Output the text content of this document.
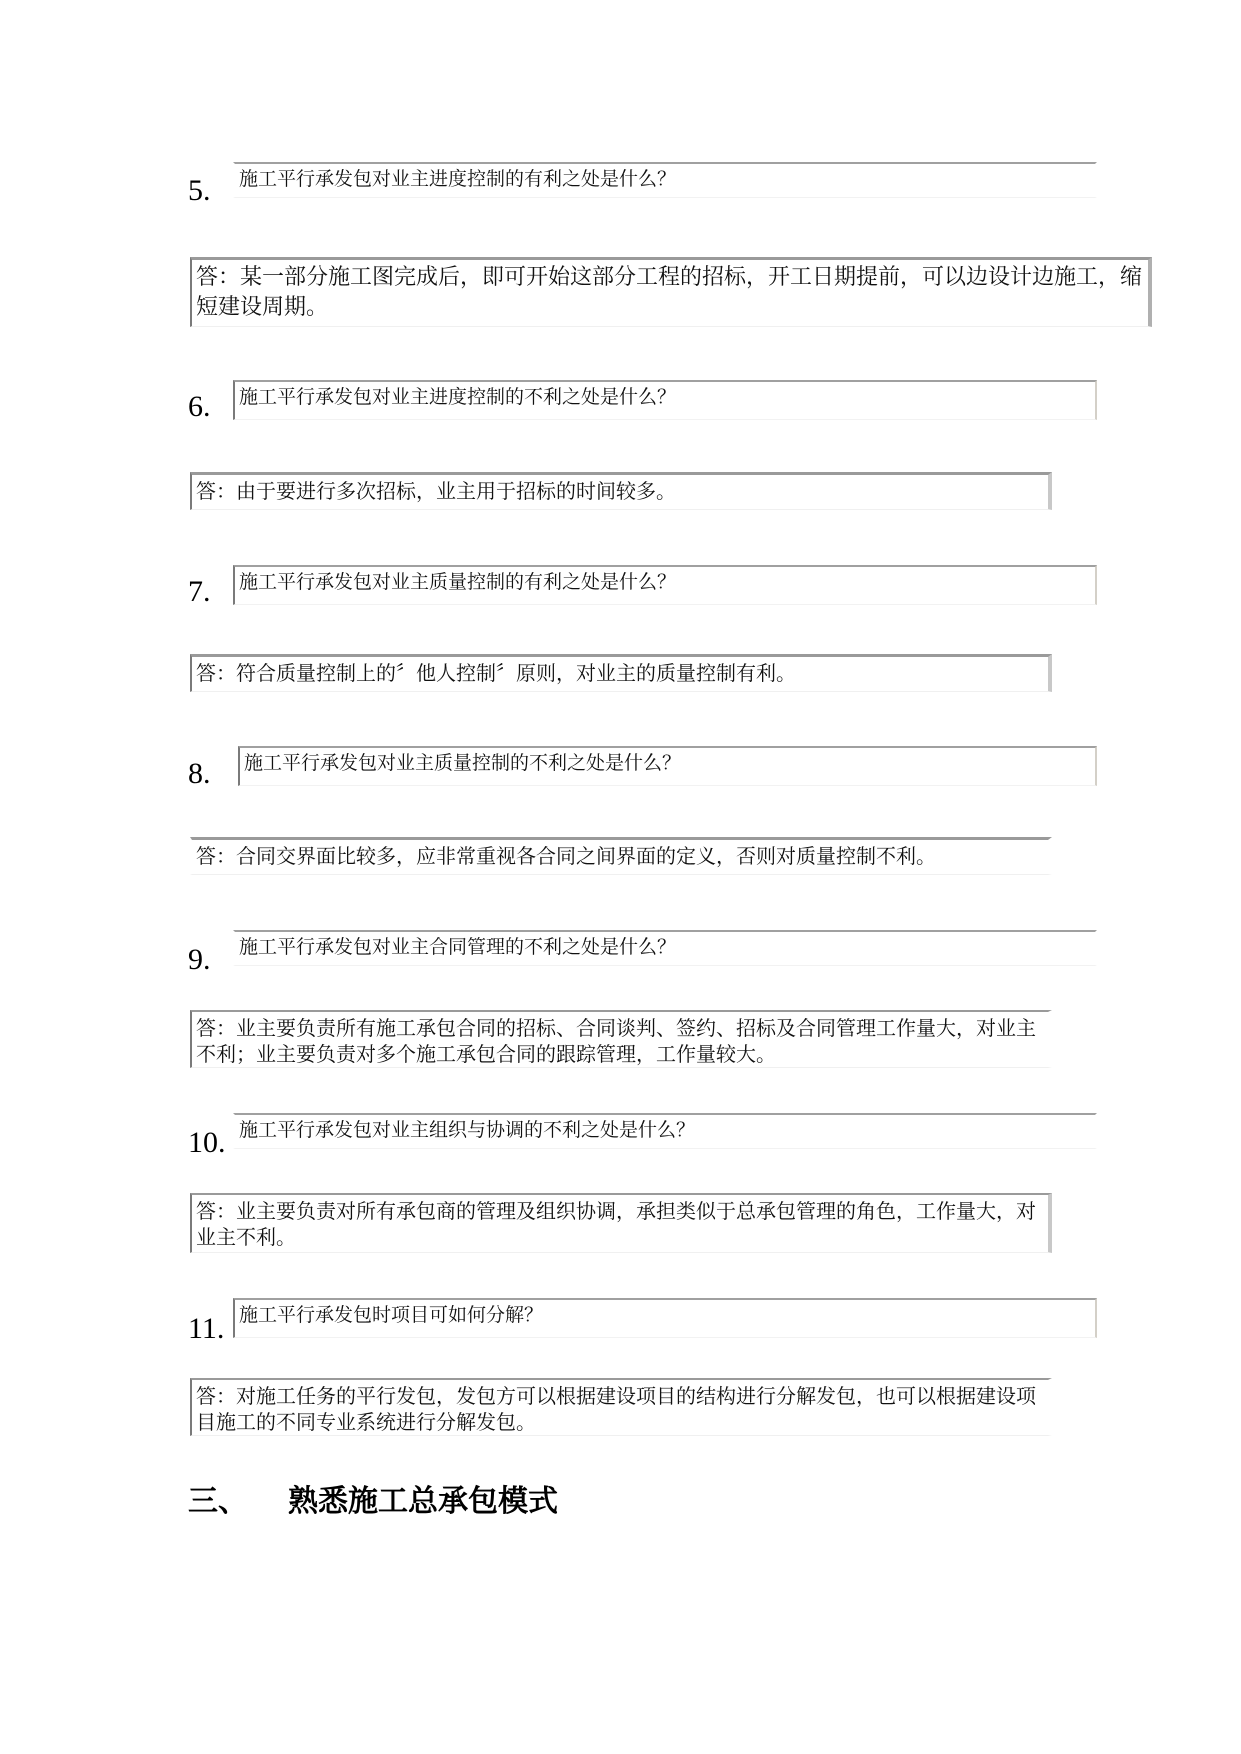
5.	施工平行承发包对业主进度控制的有利之处是什么？
答：某一部分施工图完成后，即可开始这部分工程的招标，开工日期提前，可以边设计边施工，缩短建设周期。
6.	施工平行承发包对业主进度控制的不利之处是什么？
答：由于要进行多次招标，业主用于招标的时间较多。
7.	施工平行承发包对业主质量控制的有利之处是什么？
答：符合质量控制上的〞他人控制〞原则，对业主的质量控制有利。
8.	施工平行承发包对业主质量控制的不利之处是什么？
答：合同交界面比较多，应非常重视各合同之间界面的定义，否则对质量控制不利。
9.	施工平行承发包对业主合同管理的不利之处是什么？
答：业主要负责所有施工承包合同的招标、合同谈判、签约、招标及合同管理工作量大，对业主不利；业主要负责对多个施工承包合同的跟踪管理，工作量较大。
10. 施工平行承发包对业主组织与协调的不利之处是什么？
答：业主要负责对所有承包商的管理及组织协调，承担类似于总承包管理的角色，工作量大，对业主不利。
11. 施工平行承发包时项目可如何分解？
答：对施工任务的平行发包，发包方可以根据建设项目的结构进行分解发包，也可以根据建设项目施工的不同专业系统进行分解发包。
三、 熟悉施工总承包模式
